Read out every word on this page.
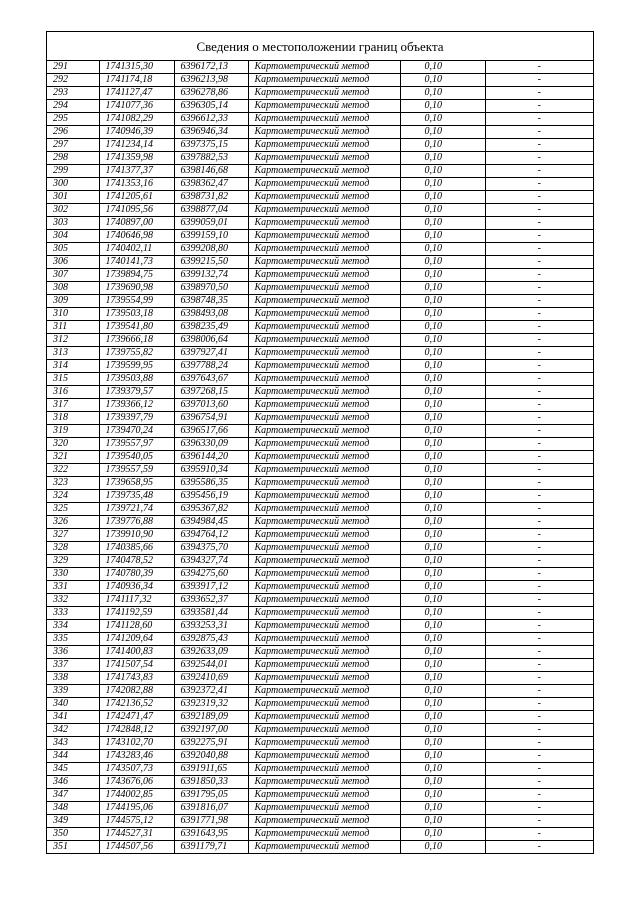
Сведения о местоположении границ объекта
291	1741315,30	6396172,13	Картометрический метод	0,10	-
292	1741174,18	6396213,98	Картометрический метод	0,10	-
293	1741127,47	6396278,86	Картометрический метод	0,10	-
294	1741077,36	6396305,14	Картометрический метод	0,10	-
295	1741082,29	6396612,33	Картометрический метод	0,10	-
296	1740946,39	6396946,34	Картометрический метод	0,10	-
297	1741234,14	6397375,15	Картометрический метод	0,10	-
298	1741359,98	6397882,53	Картометрический метод	0,10	-
299	1741377,37	6398146,68	Картометрический метод	0,10	-
300	1741353,16	6398362,47	Картометрический метод	0,10	-
301	1741205,61	6398731,82	Картометрический метод	0,10	-
302	1741095,56	6398877,04	Картометрический метод	0,10	-
303	1740897,00	6399059,01	Картометрический метод	0,10	-
304	1740646,98	6399159,10	Картометрический метод	0,10	-
305	1740402,11	6399208,80	Картометрический метод	0,10	-
306	1740141,73	6399215,50	Картометрический метод	0,10	-
307	1739894,75	6399132,74	Картометрический метод	0,10	-
308	1739690,98	6398970,50	Картометрический метод	0,10	-
309	1739554,99	6398748,35	Картометрический метод	0,10	-
310	1739503,18	6398493,08	Картометрический метод	0,10	-
311	1739541,80	6398235,49	Картометрический метод	0,10	-
312	1739666,18	6398006,64	Картометрический метод	0,10	-
313	1739755,82	6397927,41	Картометрический метод	0,10	-
314	1739599,95	6397788,24	Картометрический метод	0,10	-
315	1739503,88	6397643,67	Картометрический метод	0,10	-
316	1739379,57	6397268,15	Картометрический метод	0,10	-
317	1739366,12	6397013,60	Картометрический метод	0,10	-
318	1739397,79	6396754,91	Картометрический метод	0,10	-
319	1739470,24	6396517,66	Картометрический метод	0,10	-
320	1739557,97	6396330,09	Картометрический метод	0,10	-
321	1739540,05	6396144,20	Картометрический метод	0,10	-
322	1739557,59	6395910,34	Картометрический метод	0,10	-
323	1739658,95	6395586,35	Картометрический метод	0,10	-
324	1739735,48	6395456,19	Картометрический метод	0,10	-
325	1739721,74	6395367,82	Картометрический метод	0,10	-
326	1739776,88	6394984,45	Картометрический метод	0,10	-
327	1739910,90	6394764,12	Картометрический метод	0,10	-
328	1740385,66	6394375,70	Картометрический метод	0,10	-
329	1740478,52	6394327,74	Картометрический метод	0,10	-
330	1740780,39	6394275,60	Картометрический метод	0,10	-
331	1740936,34	6393917,12	Картометрический метод	0,10	-
332	1741117,32	6393652,37	Картометрический метод	0,10	-
333	1741192,59	6393581,44	Картометрический метод	0,10	-
334	1741128,60	6393253,31	Картометрический метод	0,10	-
335	1741209,64	6392875,43	Картометрический метод	0,10	-
336	1741400,83	6392633,09	Картометрический метод	0,10	-
337	1741507,54	6392544,01	Картометрический метод	0,10	-
338	1741743,83	6392410,69	Картометрический метод	0,10	-
339	1742082,88	6392372,41	Картометрический метод	0,10	-
340	1742136,52	6392319,32	Картометрический метод	0,10	-
341	1742471,47	6392189,09	Картометрический метод	0,10	-
342	1742848,12	6392197,00	Картометрический метод	0,10	-
343	1743102,70	6392275,91	Картометрический метод	0,10	-
344	1743283,46	6392040,88	Картометрический метод	0,10	-
345	1743507,73	6391911,65	Картометрический метод	0,10	-
346	1743676,06	6391850,33	Картометрический метод	0,10	-
347	1744002,85	6391795,05	Картометрический метод	0,10	-
348	1744195,06	6391816,07	Картометрический метод	0,10	-
349	1744575,12	6391771,98	Картометрический метод	0,10	-
350	1744527,31	6391643,95	Картометрический метод	0,10	-
351	1744507,56	6391179,71	Картометрический метод	0,10	-
